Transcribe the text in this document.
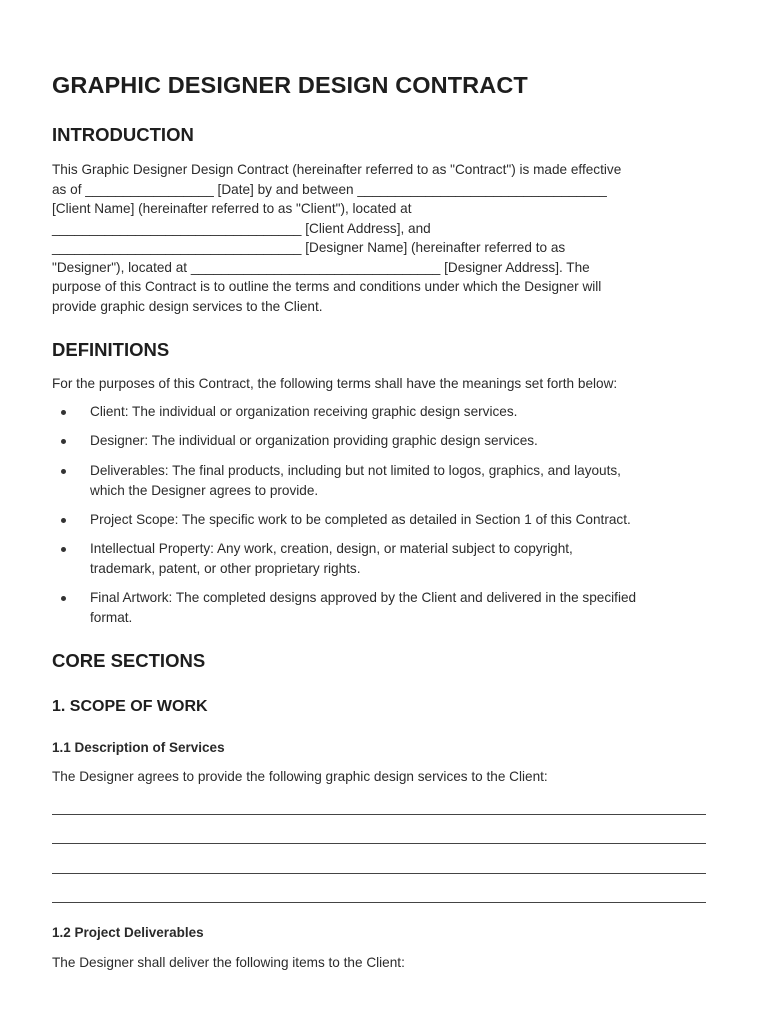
GRAPHIC DESIGNER DESIGN CONTRACT
INTRODUCTION
This Graphic Designer Design Contract (hereinafter referred to as "Contract") is made effective
as of _________________ [Date] by and between _________________________________
[Client Name] (hereinafter referred to as "Client"), located at
_________________________________ [Client Address], and
_________________________________ [Designer Name] (hereinafter referred to as
"Designer"), located at _________________________________ [Designer Address]. The
purpose of this Contract is to outline the terms and conditions under which the Designer will
provide graphic design services to the Client.
DEFINITIONS
For the purposes of this Contract, the following terms shall have the meanings set forth below:
Client: The individual or organization receiving graphic design services.
Designer: The individual or organization providing graphic design services.
Deliverables: The final products, including but not limited to logos, graphics, and layouts,
which the Designer agrees to provide.
Project Scope: The specific work to be completed as detailed in Section 1 of this Contract.
Intellectual Property: Any work, creation, design, or material subject to copyright,
trademark, patent, or other proprietary rights.
Final Artwork: The completed designs approved by the Client and delivered in the specified
format.
CORE SECTIONS
1. SCOPE OF WORK
1.1 Description of Services
The Designer agrees to provide the following graphic design services to the Client:
1.2 Project Deliverables
The Designer shall deliver the following items to the Client:
